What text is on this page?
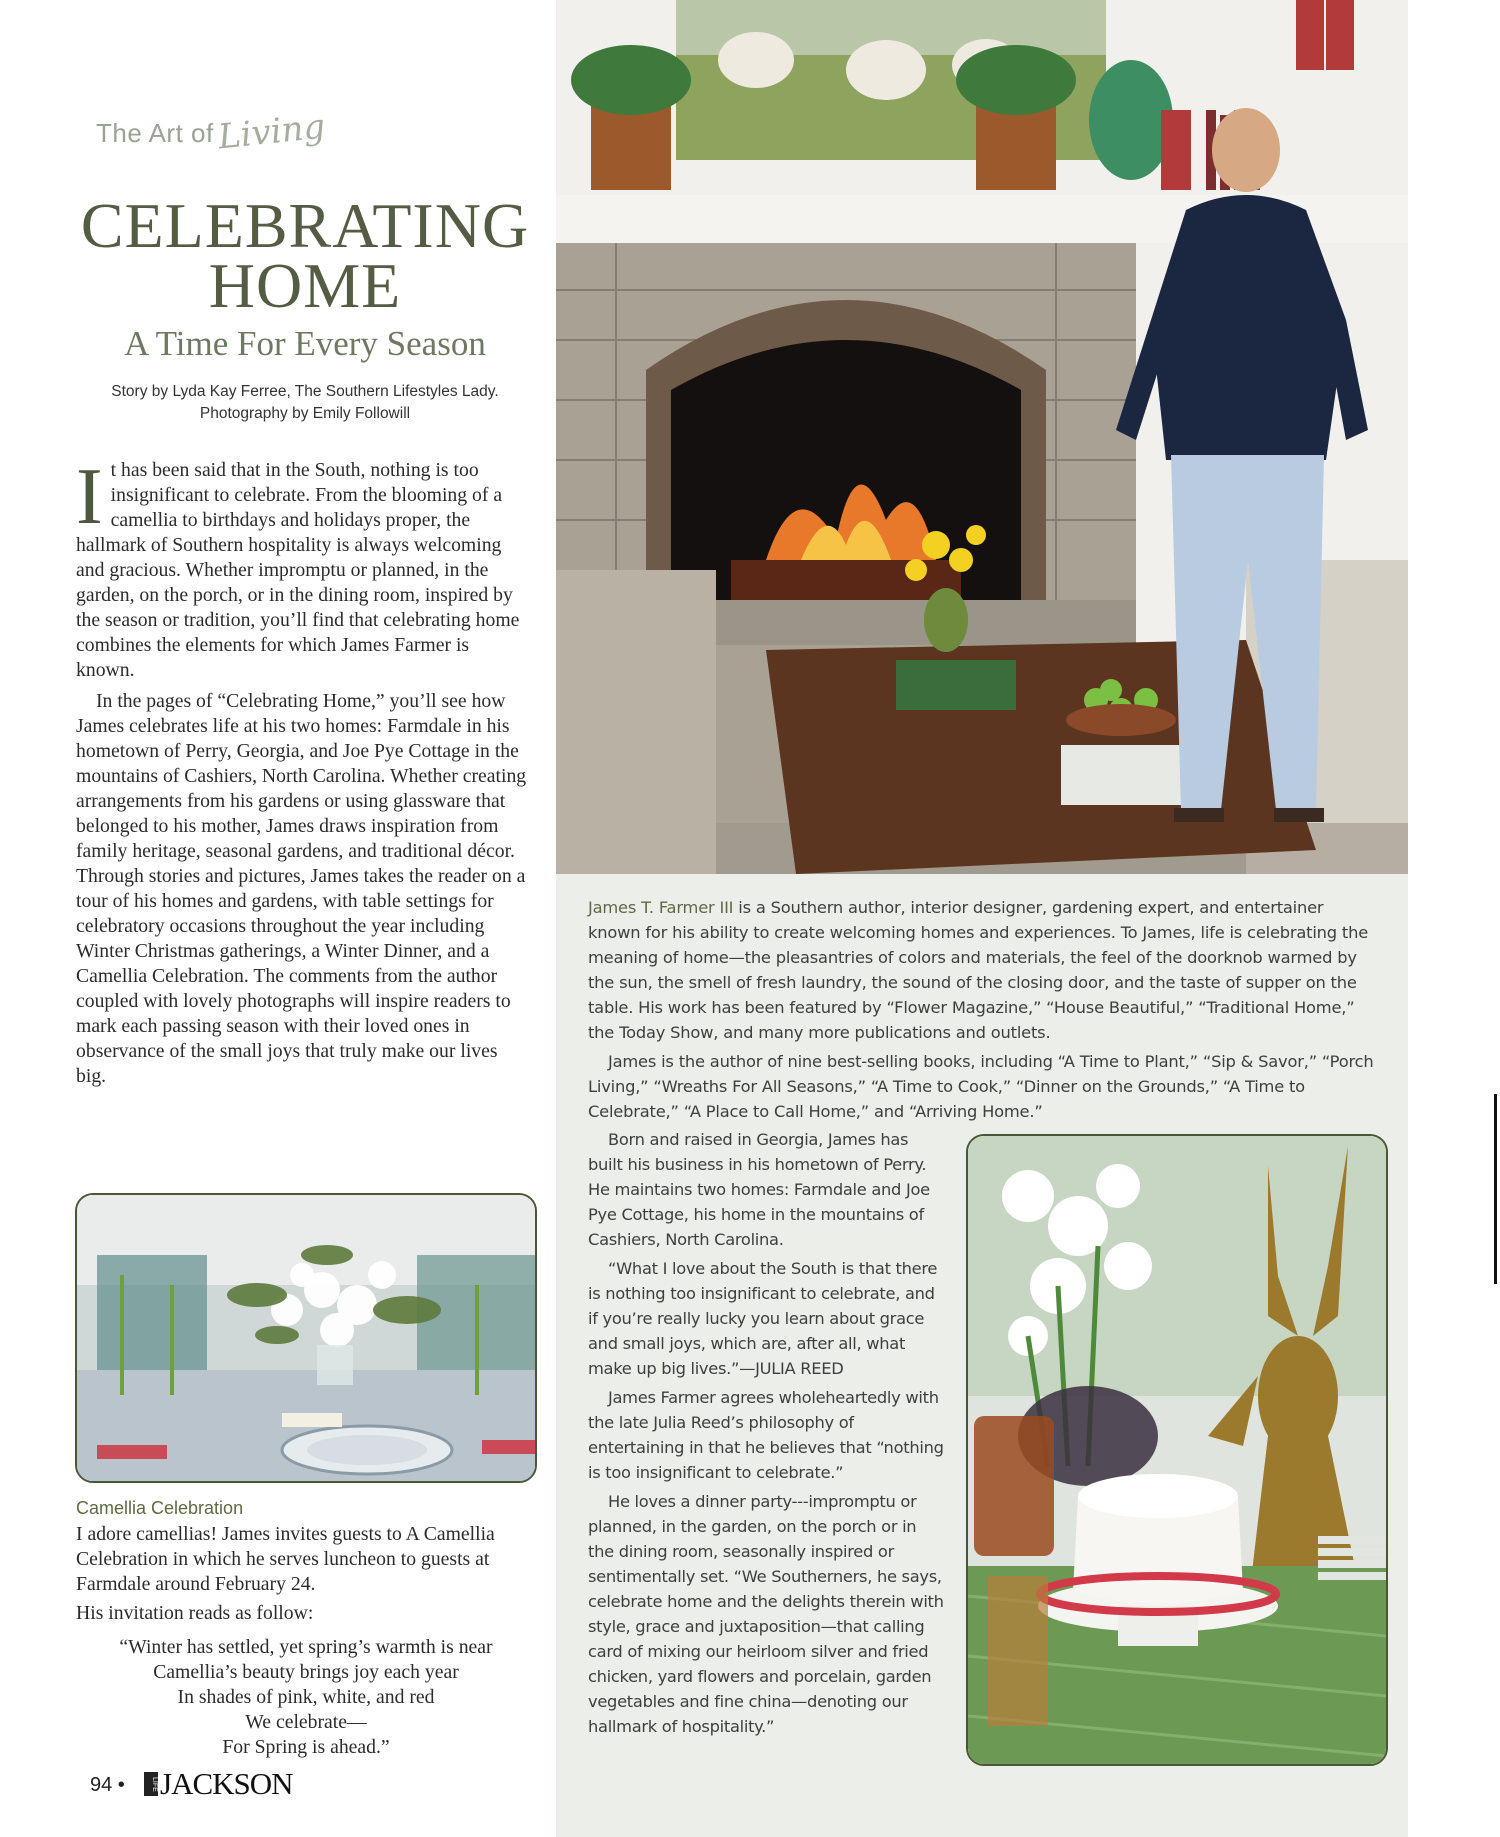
The Art of Living
CELEBRATING
HOME
A Time For Every Season
Story by Lyda Kay Ferree, The Southern Lifestyles Lady.
Photography by Emily Followill

It has been said that in the South, nothing is too insignificant to celebrate. From the blooming of a camellia to birthdays and holidays proper, the hallmark of Southern hospitality is always welcoming and gracious. Whether impromptu or planned, in the garden, on the porch, or in the dining room, inspired by the season or tradition, you’ll find that celebrating home combines the elements for which James Farmer is known.

In the pages of “Celebrating Home,” you’ll see how James celebrates life at his two homes: Farmdale in his hometown of Perry, Georgia, and Joe Pye Cottage in the mountains of Cashiers, North Carolina. Whether creating arrangements from his gardens or using glassware that belonged to his mother, James draws inspiration from family heritage, seasonal gardens, and traditional décor. Through stories and pictures, James takes the reader on a tour of his homes and gardens, with table settings for celebratory occasions throughout the year including Winter Christmas gatherings, a Winter Dinner, and a Camellia Celebration. The comments from the author coupled with lovely photographs will inspire readers to mark each passing season with their loved ones in observance of the small joys that truly make our lives big.

Camellia Celebration

I adore camellias! James invites guests to A Camellia Celebration in which he serves luncheon to guests at Farmdale around February 24.

His invitation reads as follow:

“Winter has settled, yet spring’s warmth is near
Camellia’s beauty brings joy each year
In shades of pink, white, and red
We celebrate—
For Spring is ahead.”
94 •	LIFE JACKSON

James T. Farmer III is a Southern author, interior designer, gardening expert, and entertainer known for his ability to create welcoming homes and experiences. To James, life is celebrating the meaning of home—the pleasantries of colors and materials, the feel of the doorknob warmed by the sun, the smell of fresh laundry, the sound of the closing door, and the taste of supper on the table. His work has been featured by “Flower Magazine,” “House Beautiful,” “Traditional Home,” the Today Show, and many more publications and outlets.

James is the author of nine best-selling books, including “A Time to Plant,” “Sip & Savor,” “Porch Living,” “Wreaths For All Seasons,” “A Time to Cook,” “Dinner on the Grounds,” “A Time to Celebrate,” “A Place to Call Home,” and “Arriving Home.”

Born and raised in Georgia, James has built his business in his hometown of Perry. He maintains two homes: Farmdale and Joe Pye Cottage, his home in the mountains of Cashiers, North Carolina.

“What I love about the South is that there is nothing too insignificant to celebrate, and if you’re really lucky you learn about grace and small joys, which are, after all, what make up big lives.”—JULIA REED

James Farmer agrees wholeheartedly with the late Julia Reed’s philosophy of entertaining in that he believes that “nothing is too insignificant to celebrate.”

He loves a dinner party---impromptu or planned, in the garden, on the porch or in the dining room, seasonally inspired or sentimentally set. “We Southerners, he says, celebrate home and the delights therein with style, grace and juxtaposition—that calling card of mixing our heirloom silver and fried chicken, yard flowers and porcelain, garden vegetables and fine china—denoting our hallmark of hospitality.”
